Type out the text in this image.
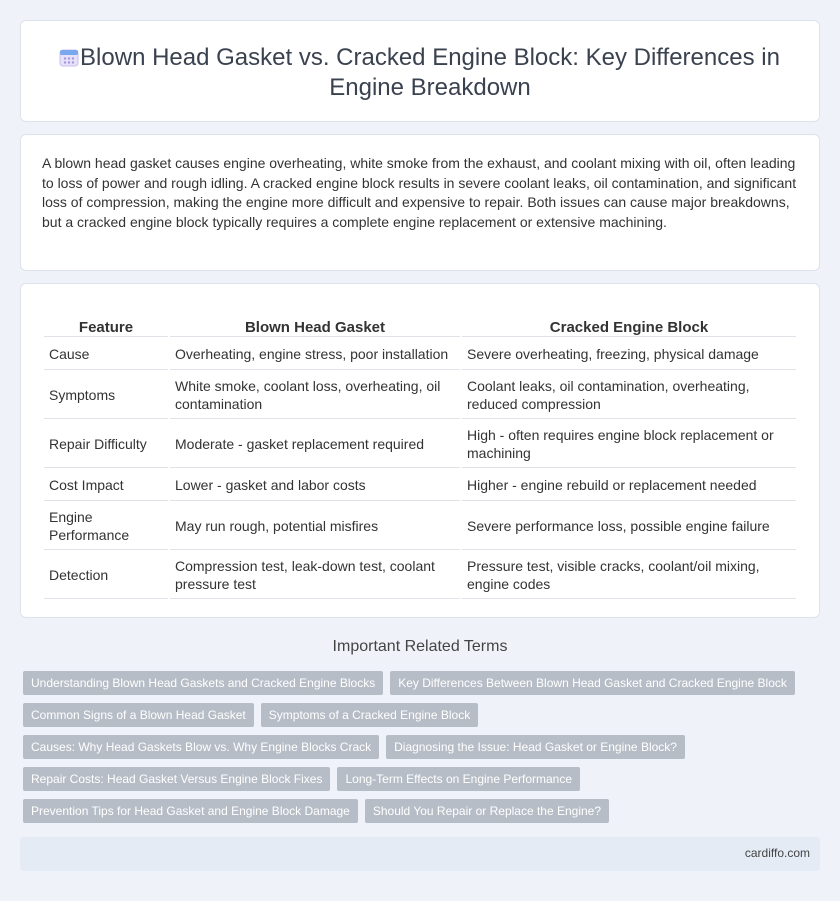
Blown Head Gasket vs. Cracked Engine Block: Key Differences in Engine Breakdown

A blown head gasket causes engine overheating, white smoke from the exhaust, and coolant mixing with oil, often leading to loss of power and rough idling. A cracked engine block results in severe coolant leaks, oil contamination, and significant loss of compression, making the engine more difficult and expensive to repair. Both issues can cause major breakdowns, but a cracked engine block typically requires a complete engine replacement or extensive machining.

Feature	Blown Head Gasket	Cracked Engine Block
Cause	Overheating, engine stress, poor installation	Severe overheating, freezing, physical damage
Symptoms	White smoke, coolant loss, overheating, oil contamination	Coolant leaks, oil contamination, overheating, reduced compression
Repair Difficulty	Moderate - gasket replacement required	High - often requires engine block replacement or machining
Cost Impact	Lower - gasket and labor costs	Higher - engine rebuild or replacement needed
Engine Performance	May run rough, potential misfires	Severe performance loss, possible engine failure
Detection	Compression test, leak-down test, coolant pressure test	Pressure test, visible cracks, coolant/oil mixing, engine codes
Important Related Terms
Understanding Blown Head Gaskets and Cracked Engine Blocks	Key Differences Between Blown Head Gasket and Cracked Engine Block
Common Signs of a Blown Head Gasket	Symptoms of a Cracked Engine Block
Causes: Why Head Gaskets Blow vs. Why Engine Blocks Crack	Diagnosing the Issue: Head Gasket or Engine Block?
Repair Costs: Head Gasket Versus Engine Block Fixes	Long-Term Effects on Engine Performance
Prevention Tips for Head Gasket and Engine Block Damage	Should You Repair or Replace the Engine?
cardiffo.com
